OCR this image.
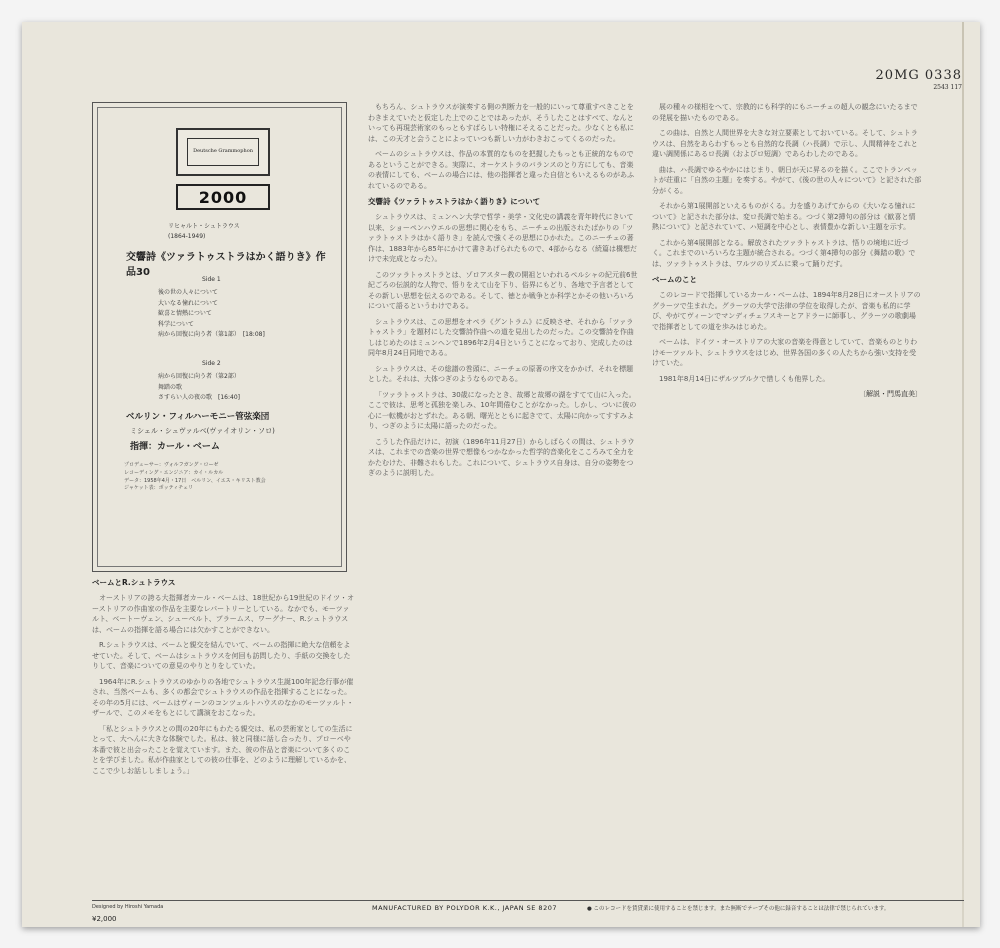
20MG 0338
2543 117
Deutsche Grammophon
2000
リヒャルト・シュトラウス
(1864-1949)
交響詩《ツァラトゥストラはかく語りき》作品30
Side 1
後の世の人々について
大いなる憧れについて
歓喜と情熱について
科学について
病から回復に向う者（第1部）　[18:08]
Side 2
病から回復に向う者（第2部）
舞踏の歌
さすらい人の夜の歌　[16:40]
ベルリン・フィルハーモニー管弦楽団
ミシェル・シュヴァルベ(ヴァイオリン・ソロ)
指揮：カール・ベーム
プロデューサー：ヴォルフガング・ローゼ
レコーディング・エンジニア：カイ・ルカル
データ：1958年4月・17日　ベルリン、イエス・キリスト教会
ジャケット表：ボッティチェリ

ベームとR.シュトラウス

オーストリアの誇る大指揮者カール・ベームは、18世紀から19世紀のドイツ・オーストリアの作曲家の作品を主要なレパートリーとしている。なかでも、モーツァルト、ベートーヴェン、シューベルト、ブラームス、ワーグナー、R.シュトラウスは、ベームの指揮を語る場合には欠かすことができない。

R.シュトラウスは、ベームと親交を結んでいて、ベームの指揮に絶大な信頼をよせていた。そして、ベームはシュトラウスを何回も訪問したり、手紙の交換をしたりして、音楽についての意見のやりとりをしていた。

1964年にR.シュトラウスのゆかりの各地でシュトラウス生誕100年記念行事が催され、当然ベームも、多くの都会でシュトラウスの作品を指揮することになった。その年の5月には、ベームはヴィーンのコンツェルトハウスのなかのモーツァルト・ザールで、このメモをもとにして講演をおこなった。

「私とシュトラウスとの間の20年にもわたる親交は、私の芸術家としての生活にとって、大へんに大きな体験でした。私は、彼と同様に話し合ったり、プローベや本番で彼と出会ったことを覚えています。また、彼の作品と音楽について多くのことを学びました。私が作曲家としての彼の仕事を、どのように理解しているかを、ここで少しお話ししましょう。」

もちろん、シュトラウスが演奏する側の判断力を一般的にいって尊重すべきことをわきまえていたと仮定した上でのことではあったが、そうしたことはすべて、なんといっても再現芸術家のもっともすばらしい特権にそえることだった。少なくとも私には、この天才と会うことによっていつも新しい力がわきおこってくるのだった。

ベームのシュトラウスは、作品の本質的なものを把握したもっとも正統的なものであるということができる。実際に、オーケストラのバランスのとり方にしても、音楽の表情にしても、ベームの場合には、他の指揮者と違った自信ともいえるものがあふれているのである。

交響詩《ツァラトゥストラはかく語りき》について

シュトラウスは、ミュンヘン大学で哲学・美学・文化史の講義を青年時代にきいて以来、ショーペンハウエルの思想に関心をもち、ニーチェの出版されたばかりの「ツァラトゥストラはかく語りき」を読んで強くその思想にひかれた。このニーチェの著作は、1883年から85年にかけて書きあげられたもので、4部からなる（続篇は構想だけで未完成となった）。

このツァラトゥストラとは、ゾロアスター教の開祖といわれるペルシャの紀元前6世紀ごろの伝説的な人物で、悟りをえて山を下り、俗界にもどり、各地で予言者としてその新しい思想を伝えるのである。そして、徳とか戦争とか科学とかその他いろいろについて語るというわけである。

シュトラウスは、この思想をオペラ《グントラム》に反映させ、それから「ツァラトゥストラ」を題材にした交響詩作曲への道を見出したのだった。この交響詩を作曲しはじめたのはミュンヘンで1896年2月4日ということになっており、完成したのは同年8月24日同地である。

シュトラウスは、その総譜の巻頭に、ニーチェの原著の序文をかかげ、それを標題とした。それは、大体つぎのようなものである。

「ツァラトゥストラは、30歳になったとき、故郷と故郷の湖をすてて山に入った。ここで彼は、思考と孤独を楽しみ、10年間倦むことがなかった。しかし、ついに彼の心に一転機がおとずれた。ある朝、曙光とともに起きでて、太陽に向かってすすみより、つぎのように太陽に語ったのだった。

こうした作品だけに、初演（1896年11月27日）からしばらくの間は、シュトラウスは、これまでの音楽の世界で想像もつかなかった哲学的音楽化をこころみて全力をかたむけた、非難されもした。これについて、シュトラウス自身は、自分の姿勢をつぎのように説明した。

展の種々の様相をへて、宗教的にも科学的にもニーチェの超人の観念にいたるまでの発展を描いたものである。

この曲は、自然と人間世界を大きな対立要素としておいている。そして、シュトラウスは、自然をあらわすもっとも自然的な長調（ハ長調）で示し、人間精神をこれと違い調関係にあるロ長調（およびロ短調）であらわしたのである。

曲は、ハ長調でゆるやかにはじまり、朝日が天に昇るのを描く。ここでトランペットが荘重に「自然の主題」を奏する。やがて、《後の世の人々について》と記された部分がくる。

それから第1展開部といえるものがくる。力を盛りあげてからの《大いなる憧れについて》と記された部分は、変ロ長調で始まる。つづく第2挿句の部分は《歓喜と情熱について》と記されていて、ハ短調を中心とし、表情豊かな新しい主題を示す。

これから第4展開部となる。解放されたツァラトゥストラは、悟りの境地に近づく。これまでのいろいろな主題が統合される。つづく第4挿句の部分《舞踏の歌》では、ツァラトゥストラは、ワルツのリズムに乗って踊りだす。

ベームのこと

このレコードで指揮しているカール・ベームは、1894年8月28日にオーストリアのグラーツで生まれた。グラーツの大学で法律の学位を取得したが、音楽も私的に学び、やがてヴィーンでマンディチェフスキーとアドラーに師事し、グラーツの歌劇場で指揮者としての道を歩みはじめた。

ベームは、ドイツ・オーストリアの大家の音楽を得意としていて、音楽ものとりわけモーツァルト、シュトラウスをはじめ、世界各国の多くの人たちから強い支持を受けていた。

1981年8月14日にザルツブルクで惜しくも他界した。

〔解説・門馬直美〕

Designed by Hiroshi Yamada
¥2,000
MANUFACTURED BY POLYDOR K.K., JAPAN SE 8207	● このレコードを賃貸業に使用することを禁じます。また無断でテープその他に録音することは法律で禁じられています。
